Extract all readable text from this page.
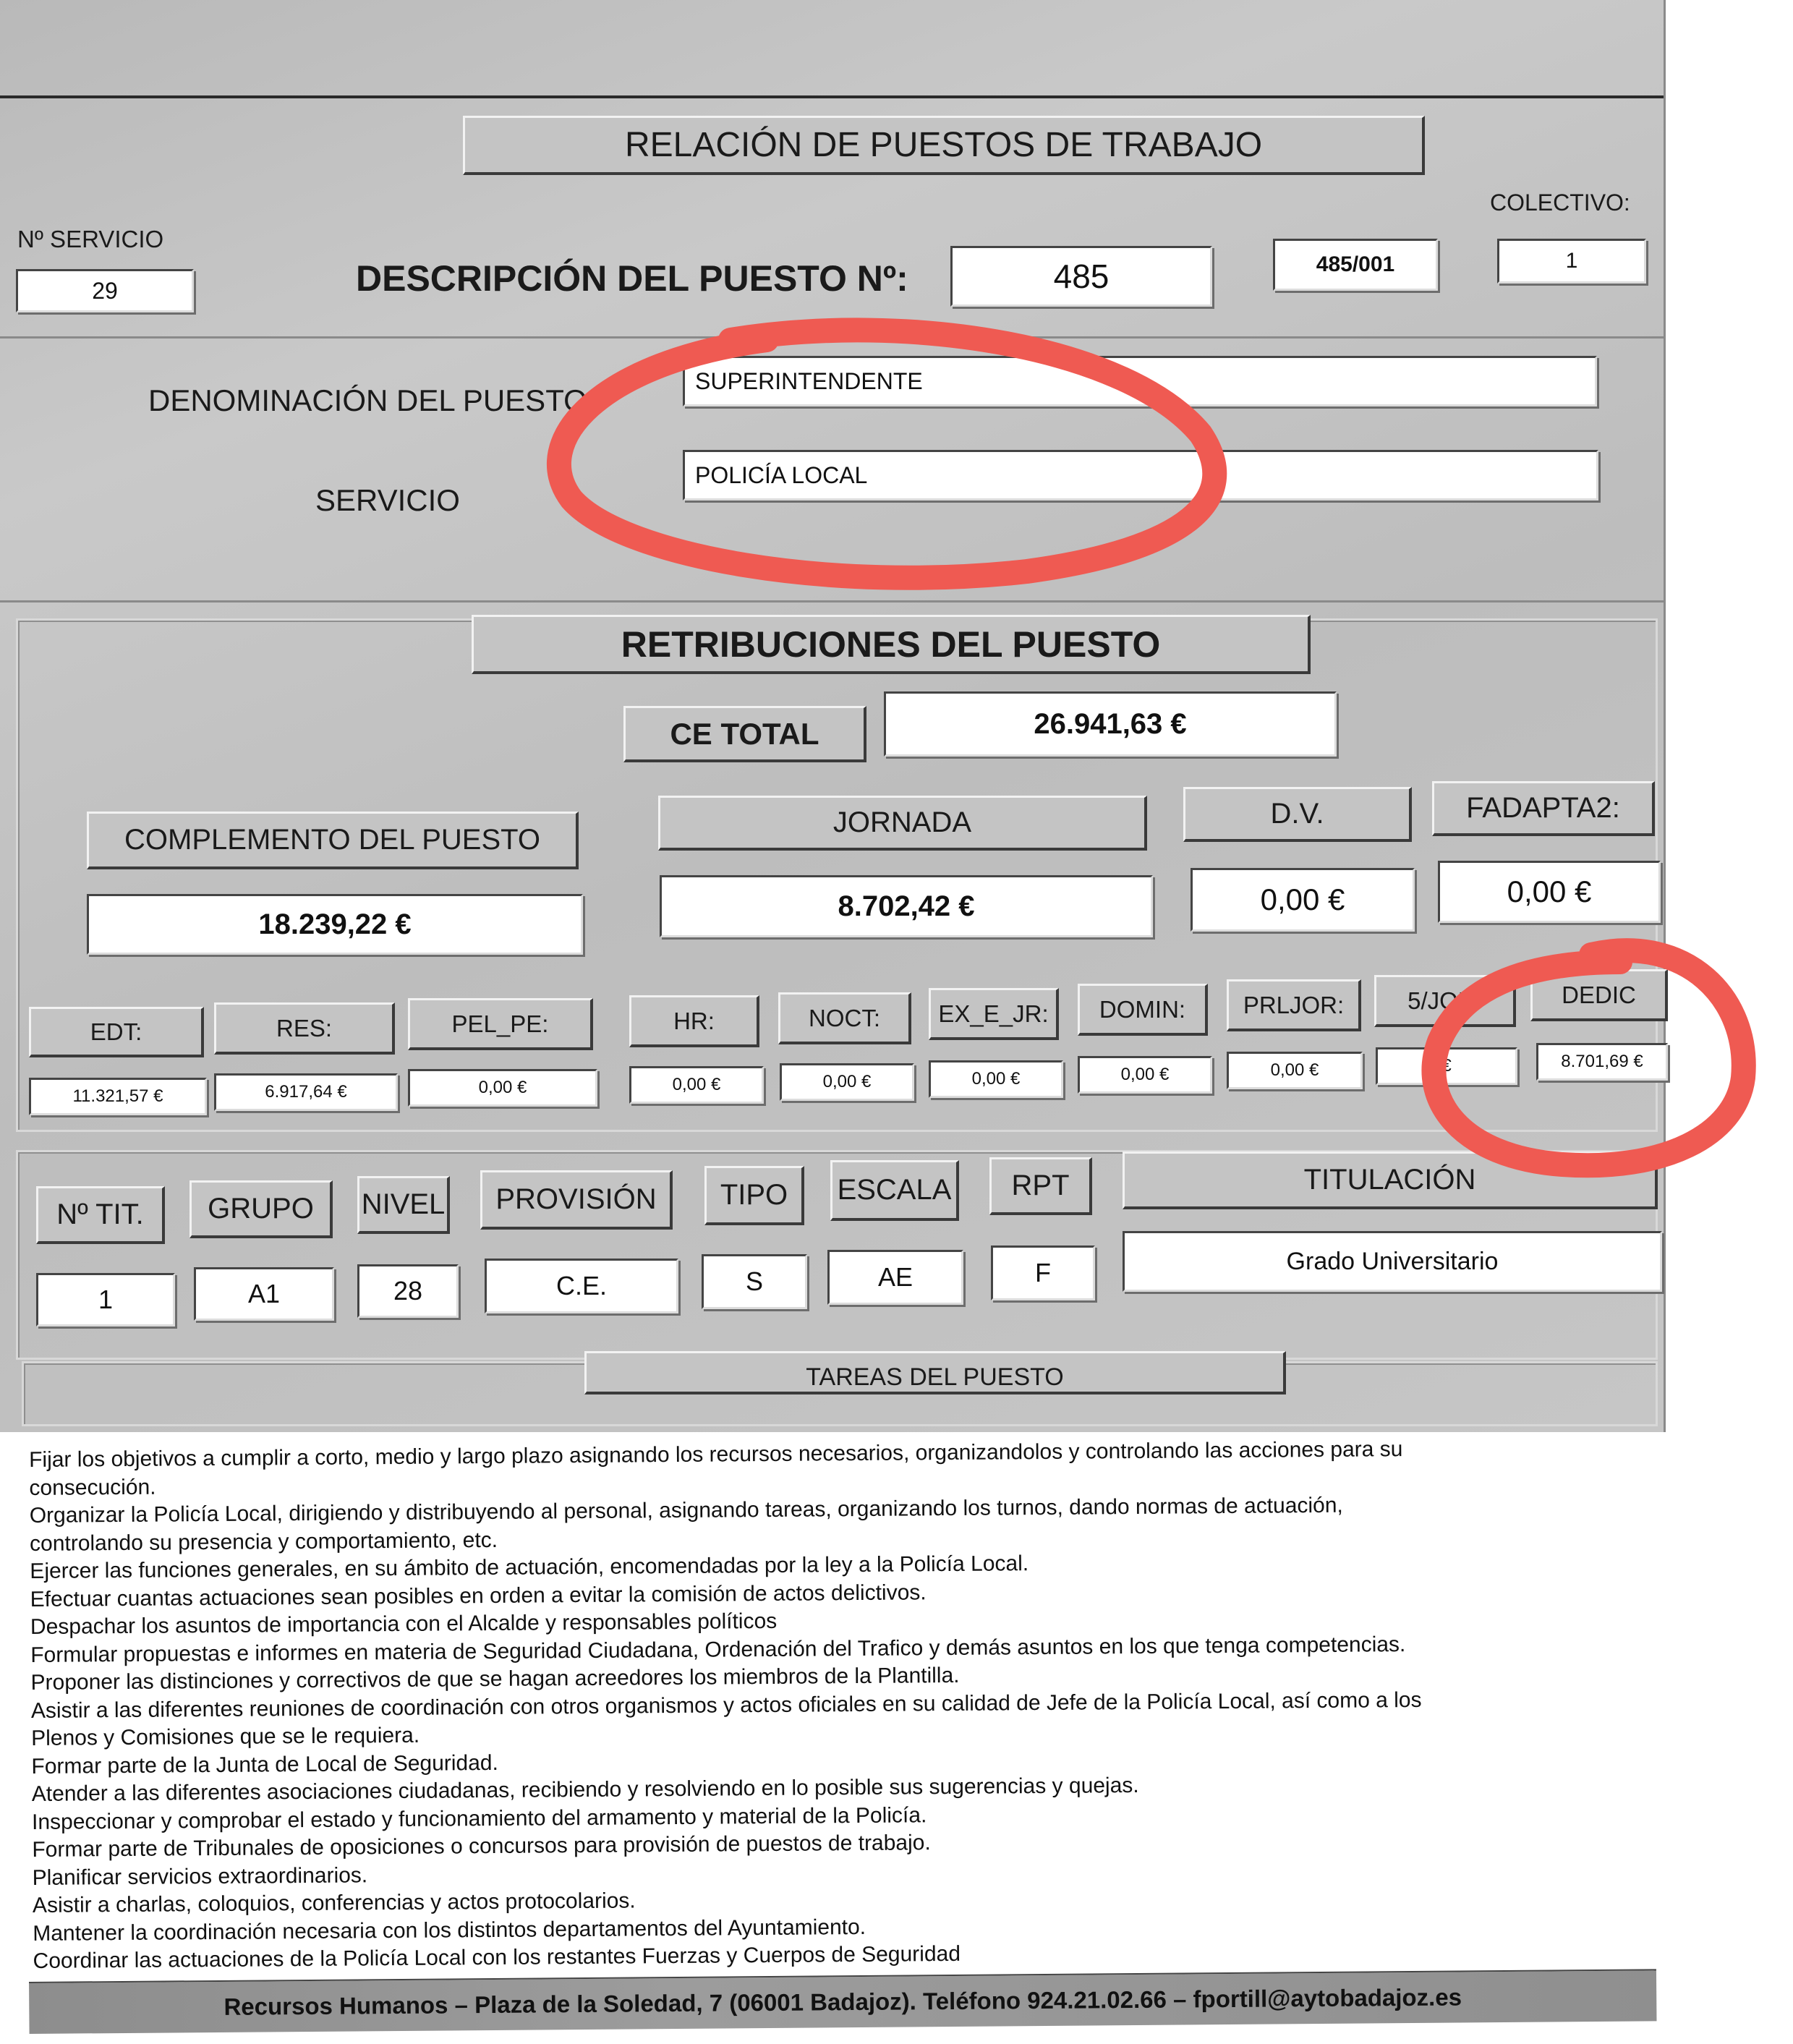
RELACIÓN DE PUESTOS DE TRABAJO
COLECTIVO:
1
Nº SERVICIO
29	DESCRIPCIÓN DEL PUESTO Nº:	485	485/001
DENOMINACIÓN DEL PUESTO
SUPERINTENDENTE
SERVICIO
POLICÍA LOCAL
RETRIBUCIONES DEL PUESTO
CE TOTAL	26.941,63 €
COMPLEMENTO DEL PUESTO
18.239,22 €
JORNADA
8.702,42 €
D.V.
0,00 €
FADAPTA2:
0,00 €
EDT:
11.321,57 €
RES:
6.917,64 €
PEL_PE:
0,00 €
HR:
0,00 €
NOCT:
0,00 €
EX_E_JR:
0,00 €
DOMIN:
0,00 €
PRLJOR:
0,00 €
5/JOR:
€
DEDIC
8.701,69 €
Nº TIT.
1
GRUPO
A1
NIVEL
28
PROVISIÓN
C.E.
TIPO
S
ESCALA
AE
RPT
F
TITULACIÓN
Grado Universitario
TAREAS DEL PUESTO
Fijar los objetivos a cumplir a corto, medio y largo plazo asignando los recursos necesarios, organizandolos y controlando las acciones para su
consecución.
Organizar la Policía Local, dirigiendo y distribuyendo al personal, asignando tareas, organizando los turnos, dando normas de actuación,
controlando su presencia y comportamiento, etc.
Ejercer las funciones generales, en su ámbito de actuación, encomendadas por la ley a la Policía Local.
Efectuar cuantas actuaciones sean posibles en orden a evitar la comisión de actos delictivos.
Despachar los asuntos de importancia con el Alcalde y responsables políticos
Formular propuestas e informes en materia de Seguridad Ciudadana, Ordenación del Trafico y demás asuntos en los que tenga competencias.
Proponer las distinciones y correctivos de que se hagan acreedores los miembros de la Plantilla.
Asistir a las diferentes reuniones de coordinación con otros organismos y actos oficiales en su calidad de Jefe de la Policía Local, así como a los
Plenos y Comisiones que se le requiera.
Formar parte de la Junta de Local de Seguridad.
Atender a las diferentes asociaciones ciudadanas, recibiendo y resolviendo en lo posible sus sugerencias y quejas.
Inspeccionar y comprobar el estado y funcionamiento del armamento y material de la Policía.
Formar parte de Tribunales de oposiciones o concursos para provisión de puestos de trabajo.
Planificar servicios extraordinarios.
Asistir a charlas, coloquios, conferencias y actos protocolarios.
Mantener la coordinación necesaria con los distintos departamentos del Ayuntamiento.
Coordinar las actuaciones de la Policía Local con los restantes Fuerzas y Cuerpos de Seguridad
Recursos Humanos – Plaza de la Soledad, 7 (06001 Badajoz). Teléfono 924.21.02.66 – fportill@aytobadajoz.es
